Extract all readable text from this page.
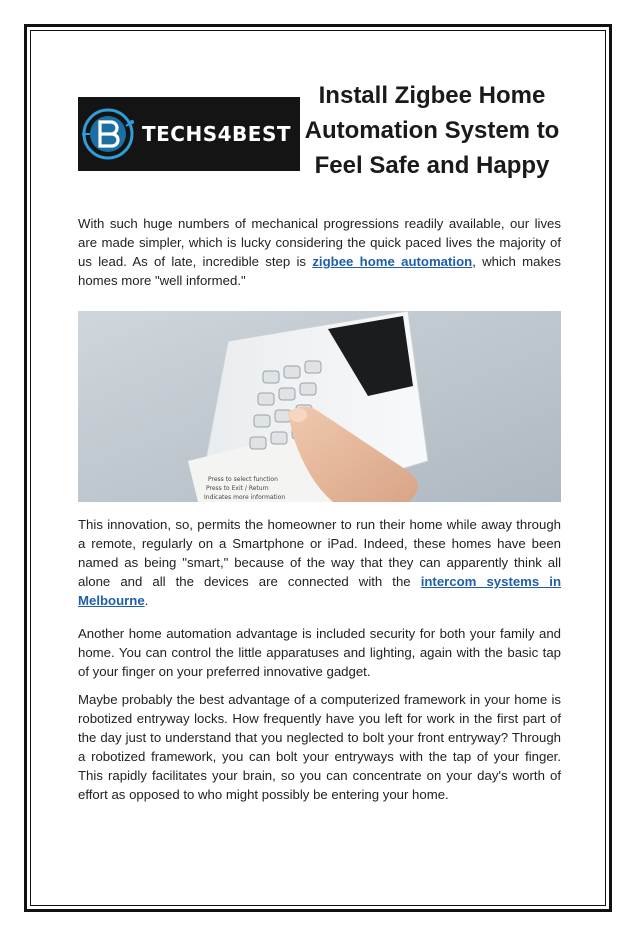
TECHS4BEST
Install Zigbee Home
Automation System to
Feel Safe and Happy

With such huge numbers of mechanical progressions readily available, our lives are made simpler, which is lucky considering the quick paced lives the majority of us lead. As of late, incredible step is zigbee home automation, which makes homes more "well informed."

Press to select function
Press to Exit / Return
Indicates more information

This innovation, so, permits the homeowner to run their home while away through a remote, regularly on a Smartphone or iPad. Indeed, these homes have been named as being "smart," because of the way that they can apparently think all alone and all the devices are connected with the intercom systems in Melbourne.

Another home automation advantage is included security for both your family and home. You can control the little apparatuses and lighting, again with the basic tap of your finger on your preferred innovative gadget.

Maybe probably the best advantage of a computerized framework in your home is robotized entryway locks. How frequently have you left for work in the first part of the day just to understand that you neglected to bolt your front entryway? Through a robotized framework, you can bolt your entryways with the tap of your finger. This rapidly facilitates your brain, so you can concentrate on your day's worth of effort as opposed to who might possibly be entering your home.
